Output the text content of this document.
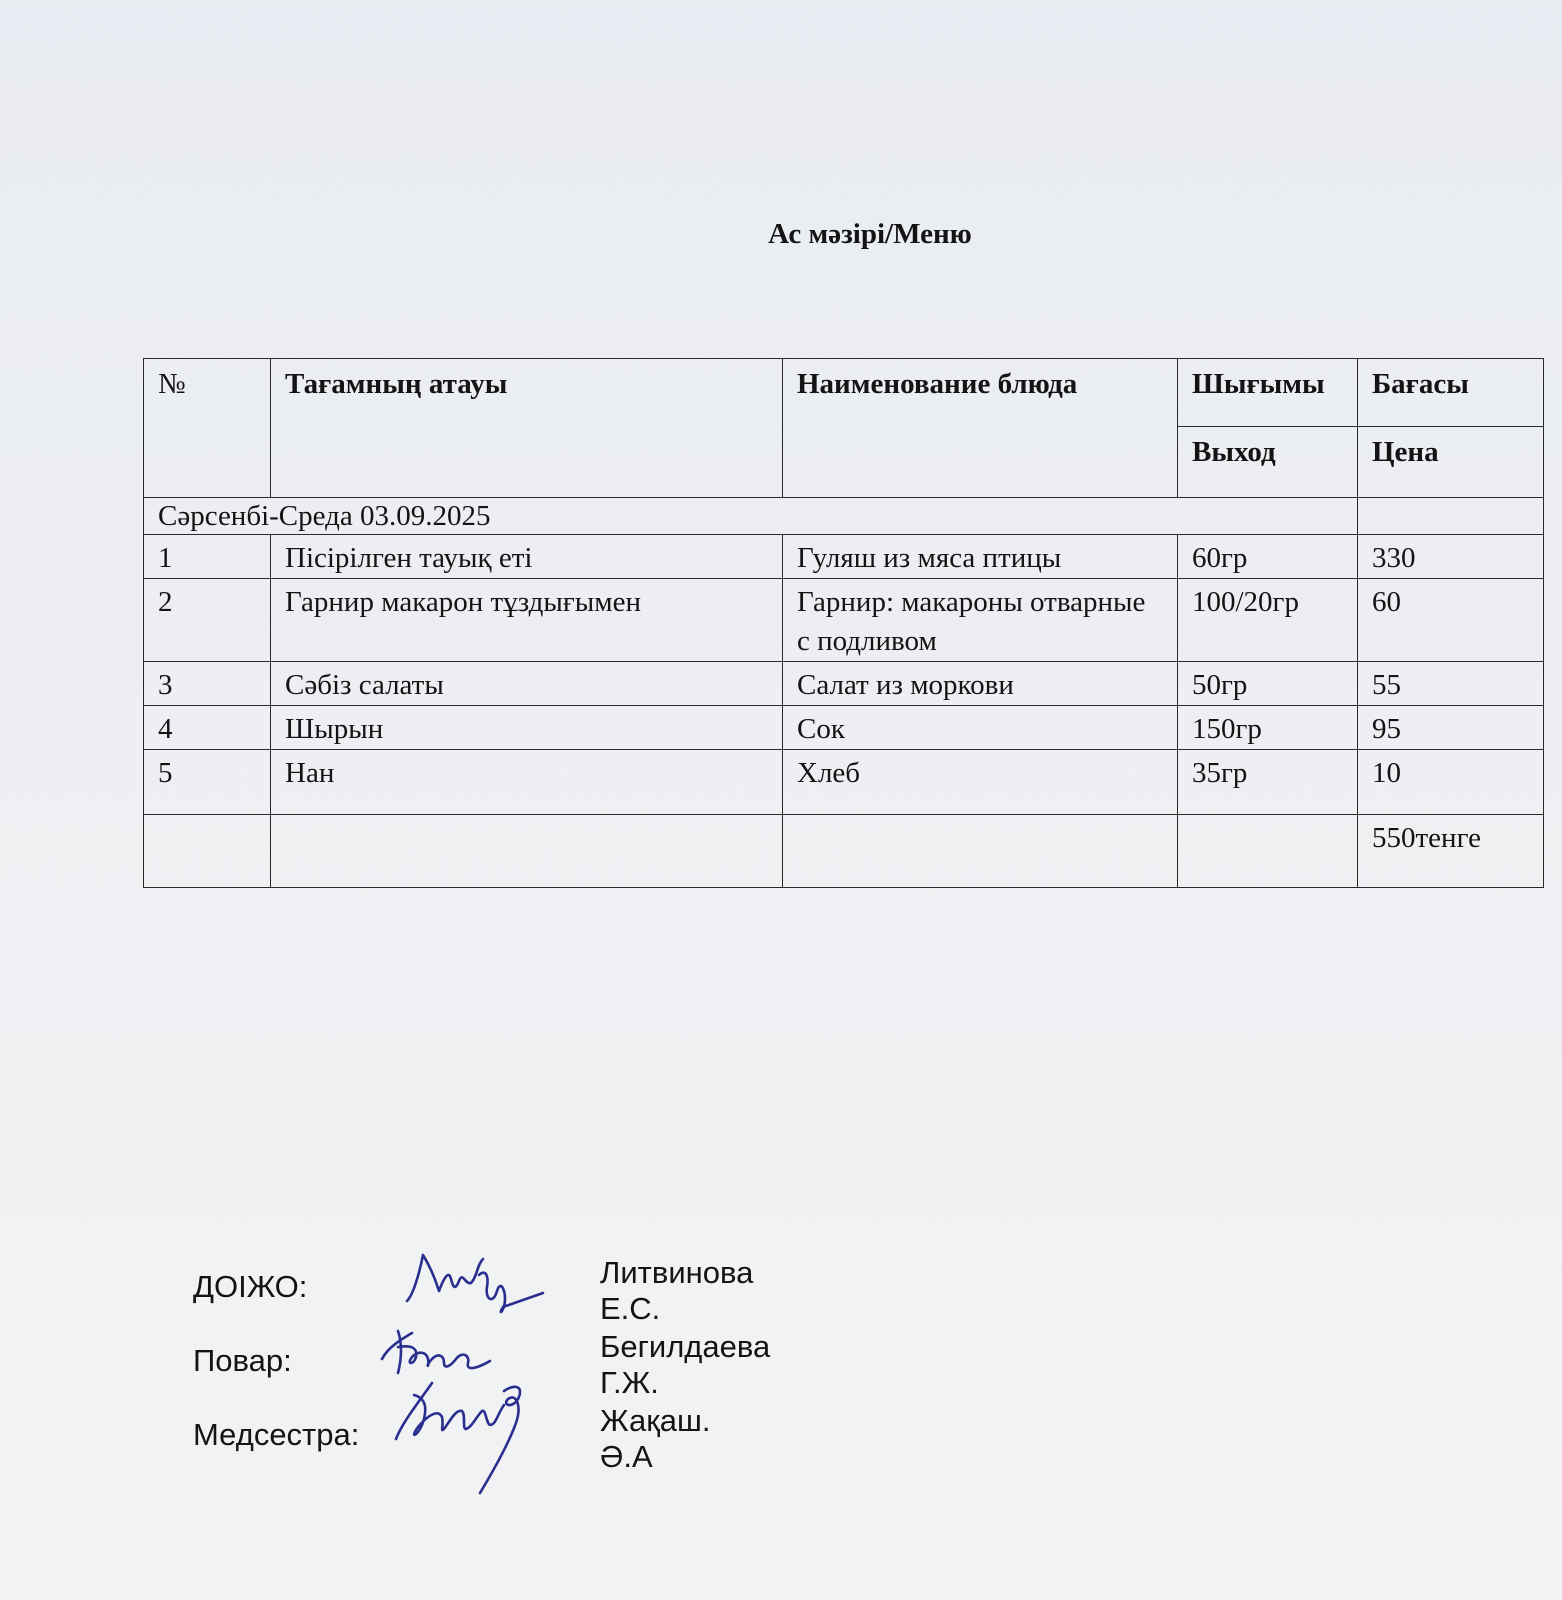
Ас мәзірі/Меню
№	Тағамның атауы	Наименование блюда	Шығымы	Бағасы
			Выход	Цена
Сәрсенбі-Среда 03.09.2025				
1	Пісірілген тауық еті	Гуляш из мяса птицы	60гр	330
2	Гарнир макарон тұздығымен	Гарнир: макароны отварные с подливом	100/20гр	60
3	Сәбіз салаты	Салат из моркови	50гр	55
4	Шырын	Сок	150гр	95
5	Нан	Хлеб	35гр	10
				550тенге
ДОІЖО:	Литвинова Е.С.
Повар:	Бегилдаева Г.Ж.
Медсестра:	Жақаш. Ә.А
